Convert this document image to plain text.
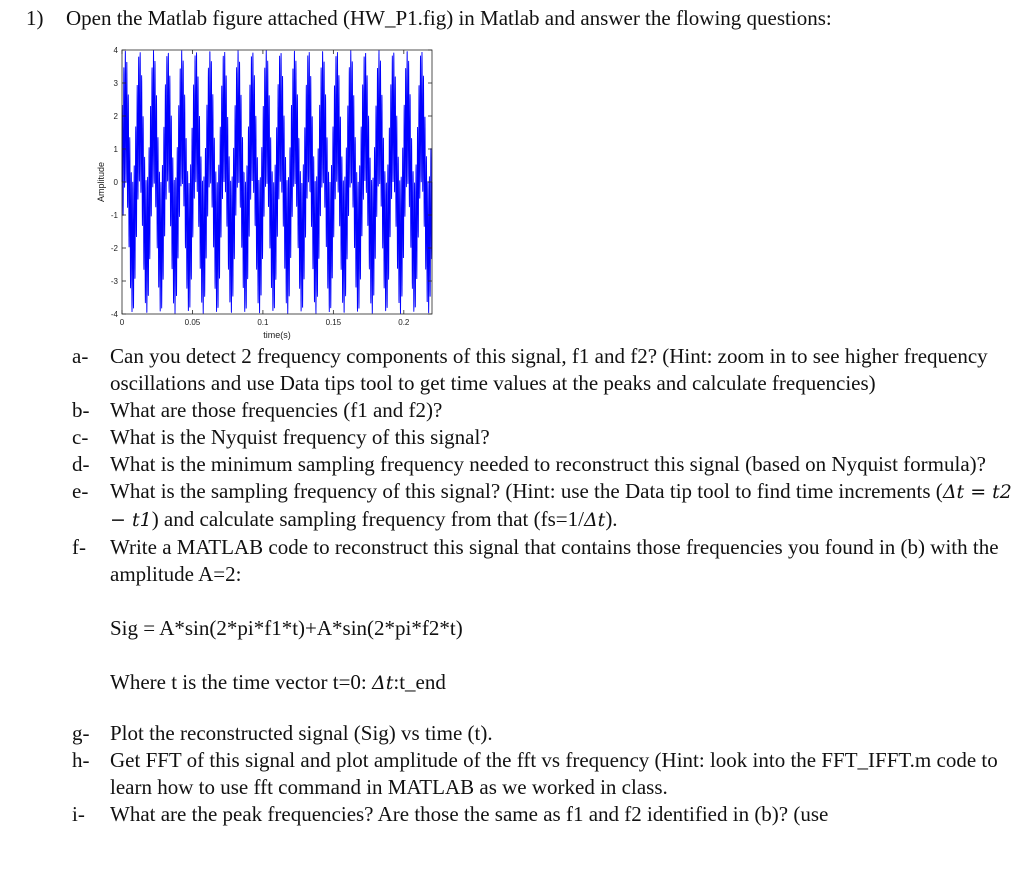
1) Open the Matlab figure attached (HW_P1.fig) in Matlab and answer the flowing questions:
0	0.05	0.1	0.15	0.2
-4
-3
-2
-1
0
1
2
3
4
time(s)
Amplitude
a- Can you detect 2 frequency components of this signal, f1 and f2? (Hint: zoom in to see higher frequency oscillations and use Data tips tool to get time values at the peaks and calculate frequencies)
b- What are those frequencies (f1 and f2)?
c- What is the Nyquist frequency of this signal?
d- What is the minimum sampling frequency needed to reconstruct this signal (based on Nyquist formula)?
e- What is the sampling frequency of this signal? (Hint: use the Data tip tool to find time increments (Δt = t2 − t1) and calculate sampling frequency from that (fs=1/Δt).
f- Write a MATLAB code to reconstruct this signal that contains those frequencies you found in (b) with the amplitude A=2:
Sig = A*sin(2*pi*f1*t)+A*sin(2*pi*f2*t)
Where t is the time vector t=0: Δt:t_end
g- Plot the reconstructed signal (Sig) vs time (t).
h- Get FFT of this signal and plot amplitude of the fft vs frequency (Hint: look into the FFT_IFFT.m code to learn how to use fft command in MATLAB as we worked in class.
i- What are the peak frequencies? Are those the same as f1 and f2 identified in (b)? (use
